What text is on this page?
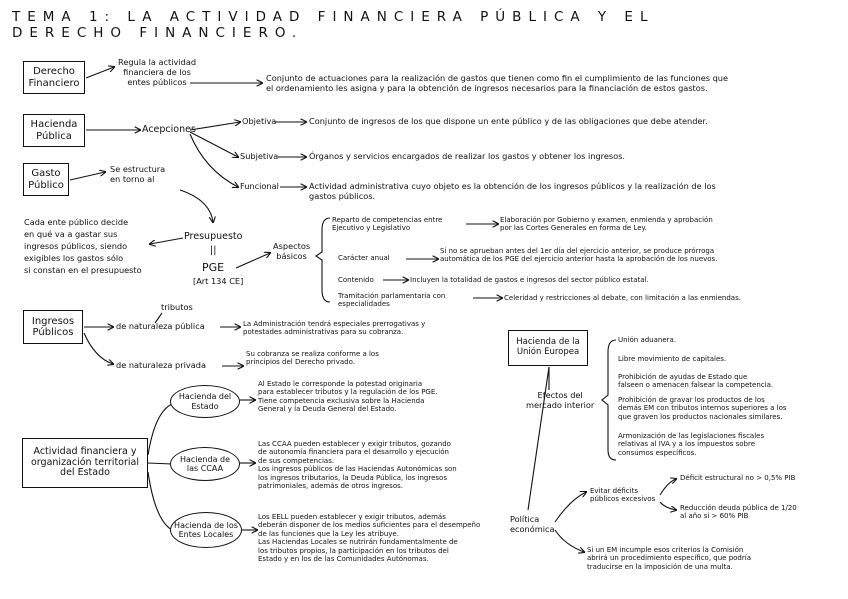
TEMA 1: LA ACTIVIDAD FINANCIERA PÚBLICA Y EL
DERECHO FINANCIERO.
Derecho
Financiero
Regula la actividad
financiera de los
entes públicos	Conjunto de actuaciones para la realización de gastos que tienen como fin el cumplimiento de las funciones que
el ordenamiento les asigna y para la obtención de ingresos necesarios para la financiación de estos gastos.
Hacienda
Pública
Acepciones
Objetiva	Conjunto de ingresos de los que dispone un ente público y de las obligaciones que debe atender.
Subjetiva	Órganos y servicios encargados de realizar los gastos y obtener los ingresos.
Funcional	Actividad administrativa cuyo objeto es la obtención de los ingresos públicos y la realización de los
gastos públicos.
Gasto
Público
Se estructura
en torno al
Cada ente público decide
en qué va a gastar sus
ingresos públicos, siendo
exigibles los gastos sólo
si constan en el presupuesto
Presupuesto
||
PGE
[Art 134 CE]
Aspectos
básicos
Reparto de competencias entre
Ejecutivo y Legislativo
Elaboración por Gobierno y examen, enmienda y aprobación
por las Cortes Generales en forma de Ley.
Carácter anual
Si no se aprueban antes del 1er día del ejercicio anterior, se produce prórroga
automática de los PGE del ejercicio anterior hasta la aprobación de los nuevos.
Contenido	Incluyen la totalidad de gastos e ingresos del sector público estatal.
Tramitación parlamentaria con
especialidades
Celeridad y restricciones al debate, con limitación a las enmiendas.
Ingresos
Públicos
tributos
de naturaleza pública	La Administración tendrá especiales prerrogativas y
potestades administrativas para su cobranza.
de naturaleza privada
Su cobranza se realiza conforme a los
principios del Derecho privado.
Actividad financiera y
organización territorial
del Estado
Hacienda del
Estado
Hacienda de
las CCAA
Hacienda de los
Entes Locales
Al Estado le corresponde la potestad originaria
para establecer tributos y la regulación de los PGE.
Tiene competencia exclusiva sobre la Hacienda
General y la Deuda General del Estado.
Las CCAA pueden establecer y exigir tributos, gozando
de autonomía financiera para el desarrollo y ejecución
de sus competencias.
Los ingresos públicos de las Haciendas Autonómicas son
los ingresos tributarios, la Deuda Pública, los ingresos
patrimoniales, además de otros ingresos.
Los EELL pueden establecer y exigir tributos, además
deberán disponer de los medios suficientes para el desempeño
de las funciones que la Ley les atribuye.
Las Haciendas Locales se nutrirán fundamentalmente de
los tributos propios, la participación en los tributos del
Estado y en los de las Comunidades Autónomas.
Hacienda de la
Unión Europea
Efectos del
mercado interior
Unión aduanera.
Libre movimiento de capitales.
Prohibición de ayudas de Estado que
falseen o amenacen falsear la competencia.
Prohibición de gravar los productos de los
demás EM con tributos internos superiores a los
que graven los productos nacionales similares.
Armonización de las legislaciones fiscales
relativas al IVA y a los impuestos sobre
consumos específicos.
Política
económica
Evitar déficits
públicos excesivos
Déficit estructural no > 0,5% PIB
Reducción deuda pública de 1/20
al año si > 60% PIB
Si un EM incumple esos criterios la Comisión
abrirá un procedimiento específico, que podría
traducirse en la imposición de una multa.
